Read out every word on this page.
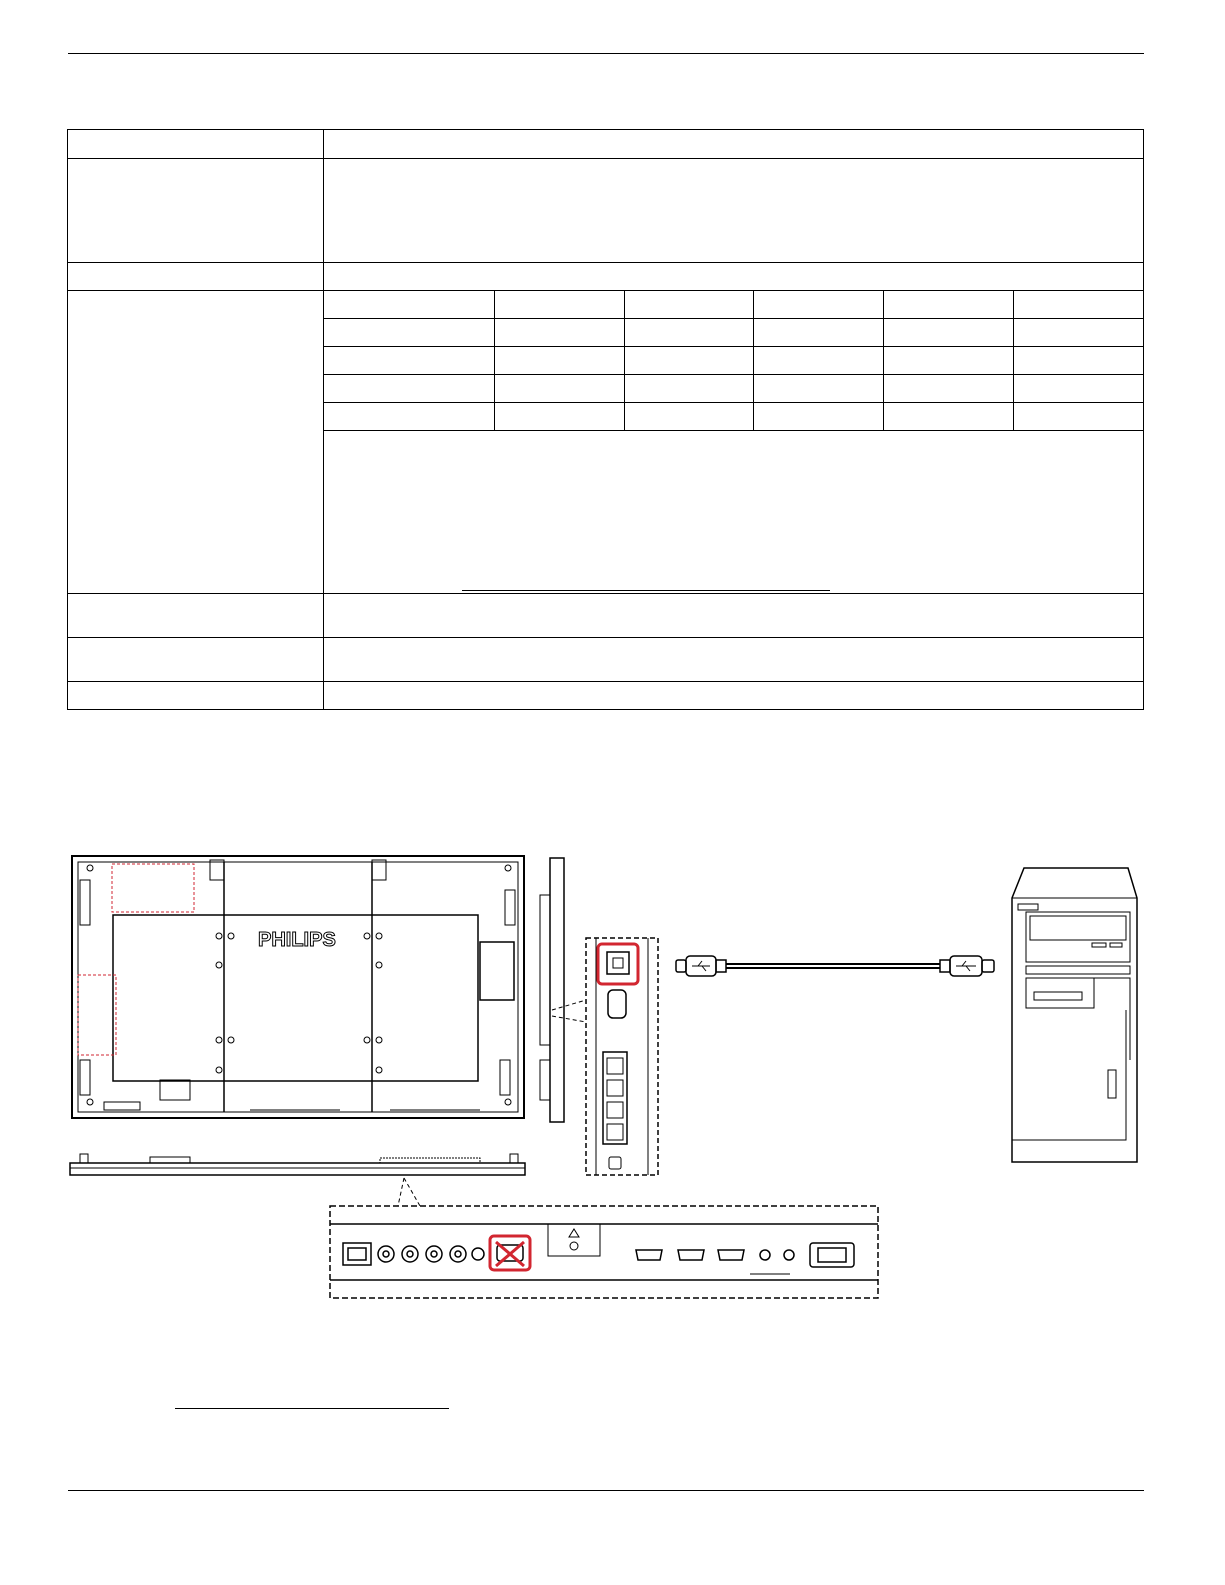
PHILIPS
